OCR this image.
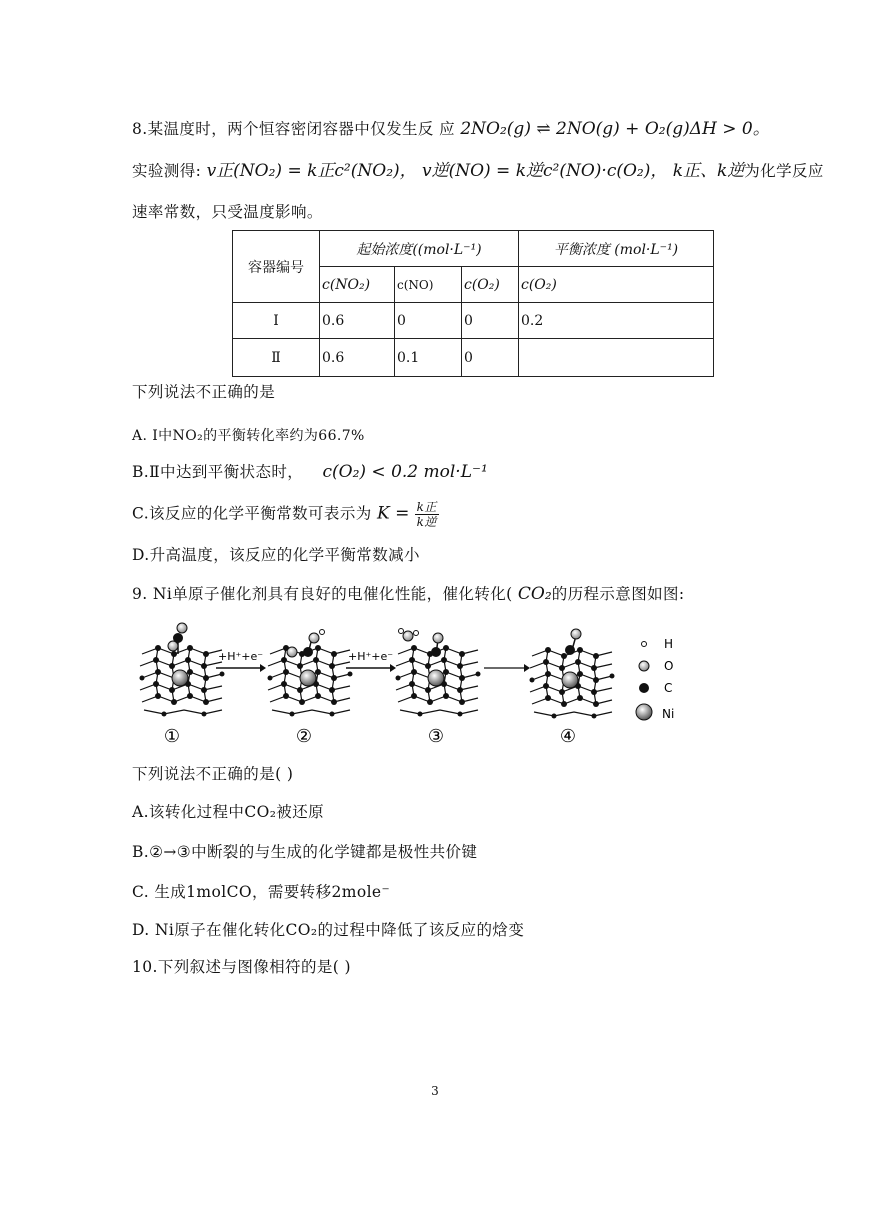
8.某温度时，两个恒容密闭容器中仅发生反 应 2NO₂(g) ⇌ 2NO(g) + O₂(g)ΔH > 0。
实验测得: v正(NO₂) = k正c²(NO₂)， v逆(NO) = k逆c²(NO)·c(O₂)， k正、k逆为化学反应
速率常数，只受温度影响。
容器编号	起始浓度((mol·L⁻¹)			平衡浓度 (mol·L⁻¹)
	c(NO₂)	c(NO)	c(O₂)	c(O₂)
Ⅰ	0.6	0	0	0.2
Ⅱ	0.6	0.1	0	
下列说法不正确的是
A. Ⅰ中NO₂的平衡转化率约为66.7%
B.Ⅱ中达到平衡状态时， c(O₂) < 0.2 mol·L⁻¹
C.该反应的化学平衡常数可表示为 $K = \frac{\text{k正}}{\text{k逆}}$
D.升高温度，该反应的化学平衡常数减小
9. Ni单原子催化剂具有良好的电催化性能，催化转化( CO₂的历程示意图如图:
+H⁺+e⁻	+H⁺+e⁻
①	②	③	④
H
O
C
Ni
下列说法不正确的是( )
A.该转化过程中CO₂被还原
B.②→③中断裂的与生成的化学键都是极性共价键
C. 生成1molCO，需要转移2mole⁻
D. Ni原子在催化转化CO₂的过程中降低了该反应的焓变
10.下列叙述与图像相符的是( )
3
